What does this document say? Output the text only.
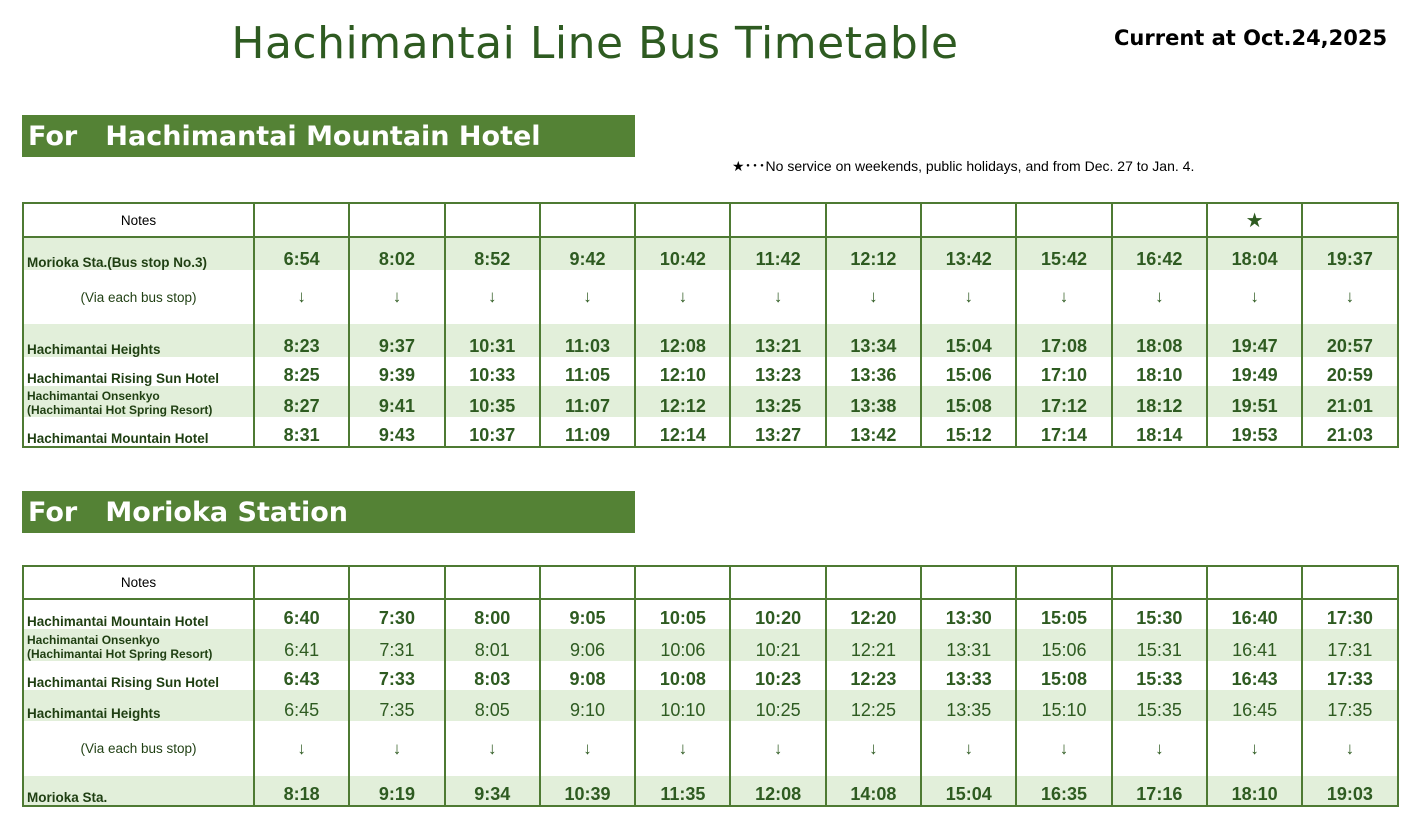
Hachimantai Line Bus Timetable	Current at Oct.24,2025
For   Hachimantai Mountain Hotel
★･･･No service on weekends, public holidays, and from Dec. 27 to Jan. 4.
Notes											★	
Morioka Sta.(Bus stop No.3)	6:54	8:02	8:52	9:42	10:42	11:42	12:12	13:42	15:42	16:42	18:04	19:37
(Via each bus stop)	↓	↓	↓	↓	↓	↓	↓	↓	↓	↓	↓	↓
Hachimantai Heights	8:23	9:37	10:31	11:03	12:08	13:21	13:34	15:04	17:08	18:08	19:47	20:57
Hachimantai Rising Sun Hotel	8:25	9:39	10:33	11:05	12:10	13:23	13:36	15:06	17:10	18:10	19:49	20:59
Hachimantai Onsenkyo
(Hachimantai Hot Spring Resort)	8:27	9:41	10:35	11:07	12:12	13:25	13:38	15:08	17:12	18:12	19:51	21:01
Hachimantai Mountain Hotel	8:31	9:43	10:37	11:09	12:14	13:27	13:42	15:12	17:14	18:14	19:53	21:03
For   Morioka Station
Notes												
Hachimantai Mountain Hotel	6:40	7:30	8:00	9:05	10:05	10:20	12:20	13:30	15:05	15:30	16:40	17:30
Hachimantai Onsenkyo
(Hachimantai Hot Spring Resort)	6:41	7:31	8:01	9:06	10:06	10:21	12:21	13:31	15:06	15:31	16:41	17:31
Hachimantai Rising Sun Hotel	6:43	7:33	8:03	9:08	10:08	10:23	12:23	13:33	15:08	15:33	16:43	17:33
Hachimantai Heights	6:45	7:35	8:05	9:10	10:10	10:25	12:25	13:35	15:10	15:35	16:45	17:35
(Via each bus stop)	↓	↓	↓	↓	↓	↓	↓	↓	↓	↓	↓	↓
Morioka Sta.	8:18	9:19	9:34	10:39	11:35	12:08	14:08	15:04	16:35	17:16	18:10	19:03
